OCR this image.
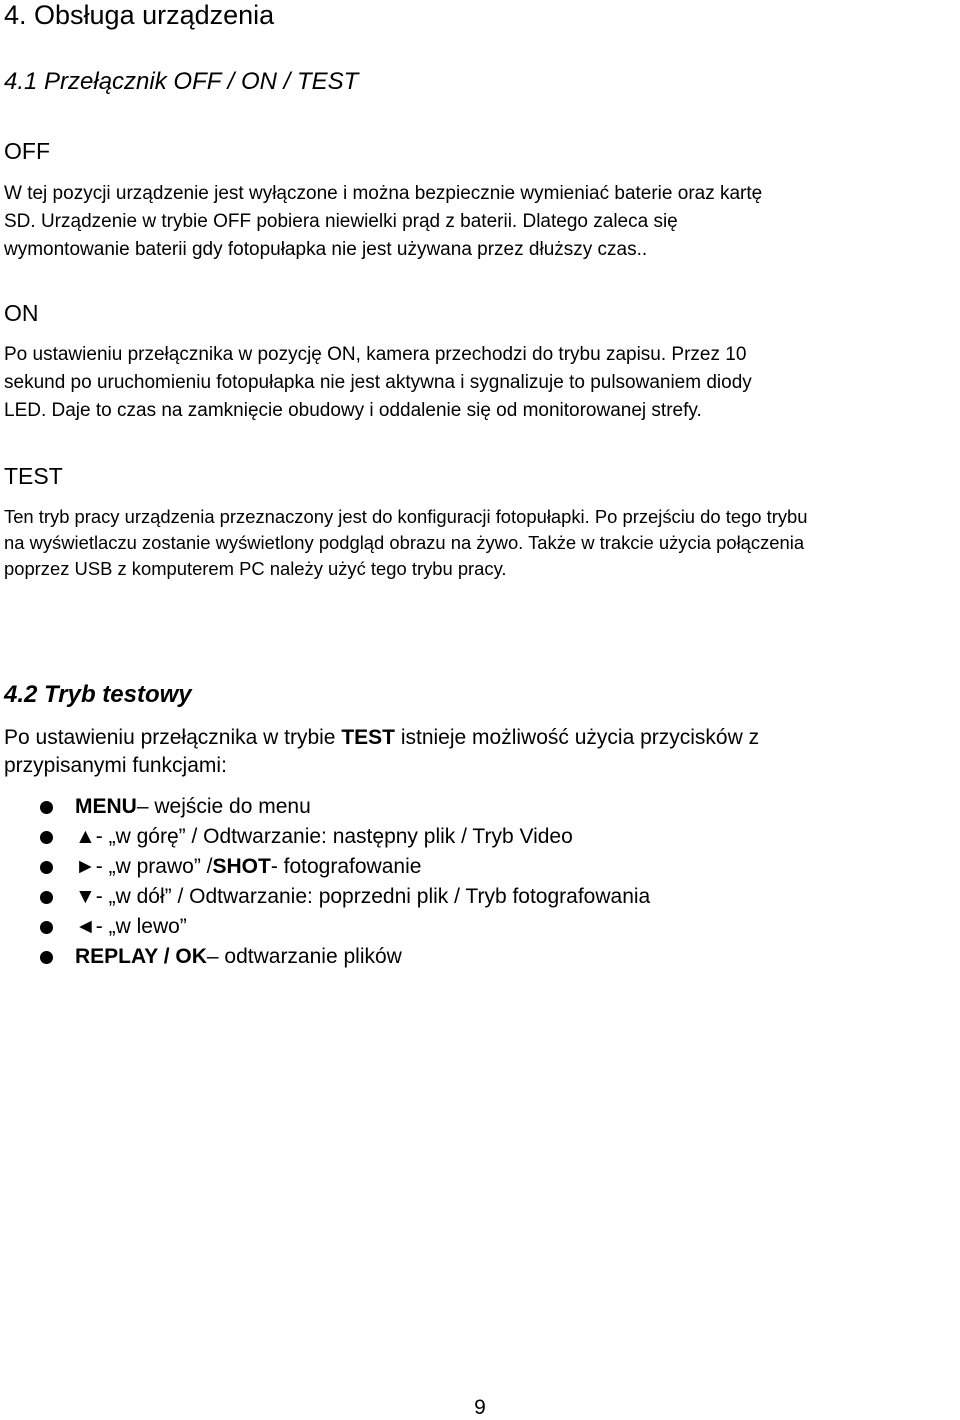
4. Obsługa urządzenia
4.1 Przełącznik OFF / ON / TEST
OFF
W tej pozycji urządzenie jest wyłączone i można bezpiecznie wymieniać baterie oraz kartę
SD. Urządzenie w trybie OFF pobiera niewielki prąd z baterii. Dlatego zaleca się
wymontowanie baterii gdy fotopułapka nie jest używana przez dłuższy czas..
ON
Po ustawieniu przełącznika w pozycję ON, kamera przechodzi do trybu zapisu. Przez 10
sekund po uruchomieniu fotopułapka nie jest aktywna i sygnalizuje to pulsowaniem diody
LED. Daje to czas na zamknięcie obudowy i oddalenie się od monitorowanej strefy.
TEST
Ten tryb pracy urządzenia przeznaczony jest do konfiguracji fotopułapki. Po przejściu do tego trybu
na wyświetlaczu zostanie wyświetlony podgląd obrazu na żywo. Także w trakcie użycia połączenia
poprzez USB z komputerem PC należy użyć tego trybu pracy.
4.2 Tryb testowy
Po ustawieniu przełącznika w trybie TEST istnieje możliwość użycia przycisków z
przypisanymi funkcjami:
MENU – wejście do menu
▲ - „w górę” / Odtwarzanie: następny plik / Tryb Video
► - „w prawo” / SHOT - fotografowanie
▼ - „w dół” / Odtwarzanie: poprzedni plik / Tryb fotografowania
◄ - „w lewo”
REPLAY / OK – odtwarzanie plików
9
